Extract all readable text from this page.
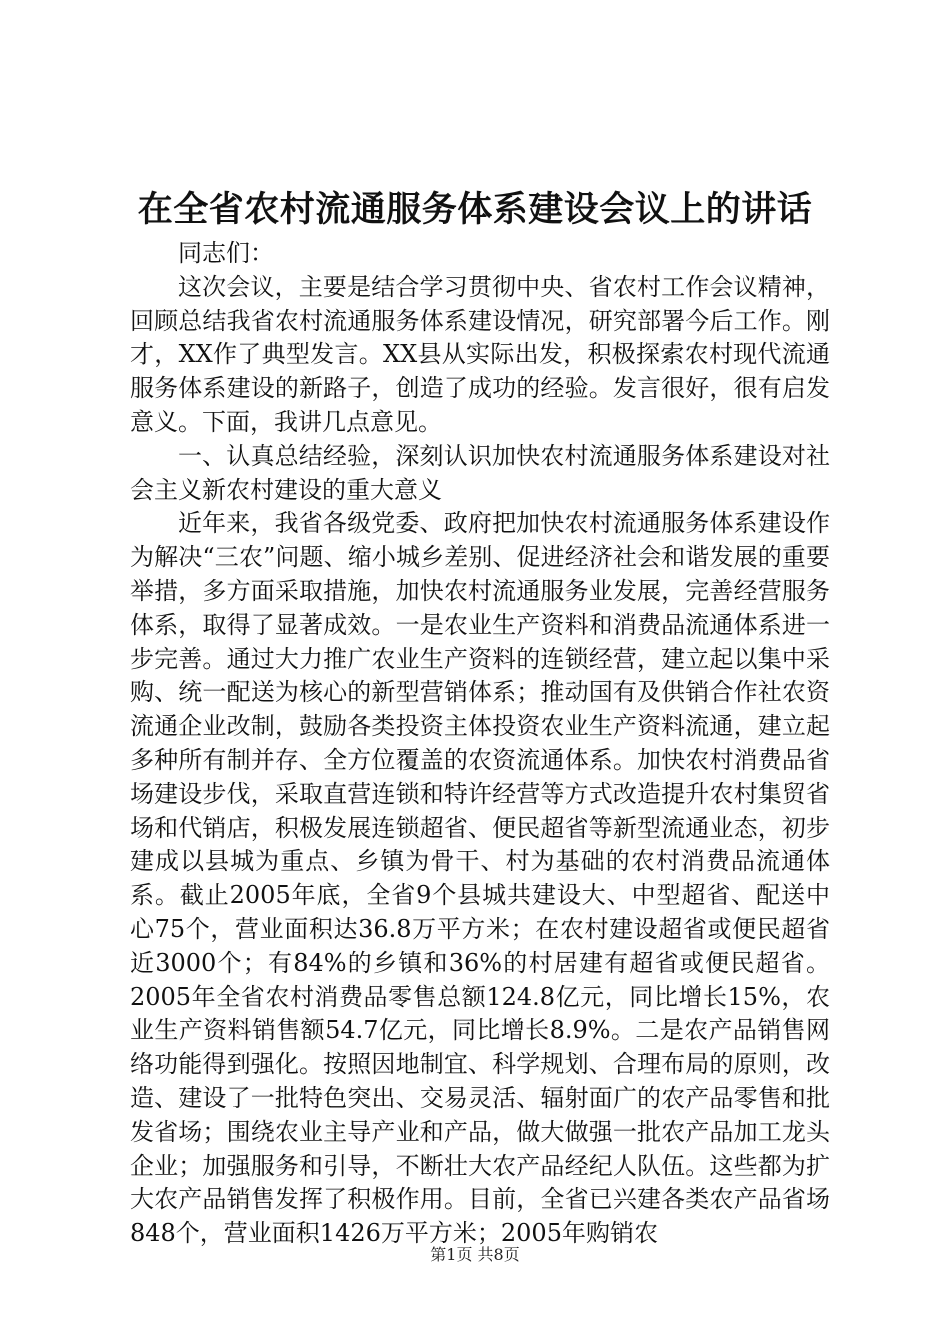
在全省农村流通服务体系建设会议上的讲话

同志们：

这次会议，主要是结合学习贯彻中央、省农村工作会议精神，回顾总结我省农村流通服务体系建设情况，研究部署今后工作。刚才，XX作了典型发言。XX县从实际出发，积极探索农村现代流通服务体系建设的新路子，创造了成功的经验。发言很好，很有启发意义。下面，我讲几点意见。

一、认真总结经验，深刻认识加快农村流通服务体系建设对社会主义新农村建设的重大意义

近年来，我省各级党委、政府把加快农村流通服务体系建设作为解决“三农”问题、缩小城乡差别、促进经济社会和谐发展的重要举措，多方面采取措施，加快农村流通服务业发展，完善经营服务体系，取得了显著成效。一是农业生产资料和消费品流通体系进一步完善。通过大力推广农业生产资料的连锁经营，建立起以集中采购、统一配送为核心的新型营销体系；推动国有及供销合作社农资流通企业改制，鼓励各类投资主体投资农业生产资料流通，建立起多种所有制并存、全方位覆盖的农资流通体系。加快农村消费品省场建设步伐，采取直营连锁和特许经营等方式改造提升农村集贸省场和代销店，积极发展连锁超省、便民超省等新型流通业态，初步建成以县城为重点、乡镇为骨干、村为基础的农村消费品流通体系。截止2005年底，全省9个县城共建设大、中型超省、配送中心75个，营业面积达36.8万平方米；在农村建设超省或便民超省近3000个；有84%的乡镇和36%的村居建有超省或便民超省。2005年全省农村消费品零售总额124.8亿元，同比增长15%，农业生产资料销售额54.7亿元，同比增长8.9%。二是农产品销售网络功能得到强化。按照因地制宜、科学规划、合理布局的原则，改造、建设了一批特色突出、交易灵活、辐射面广的农产品零售和批发省场；围绕农业主导产业和产品，做大做强一批农产品加工龙头企业；加强服务和引导，不断壮大农产品经纪人队伍。这些都为扩大农产品销售发挥了积极作用。目前，全省已兴建各类农产品省场848个，营业面积1426万平方米；2005年购销农

第1页 共8页
